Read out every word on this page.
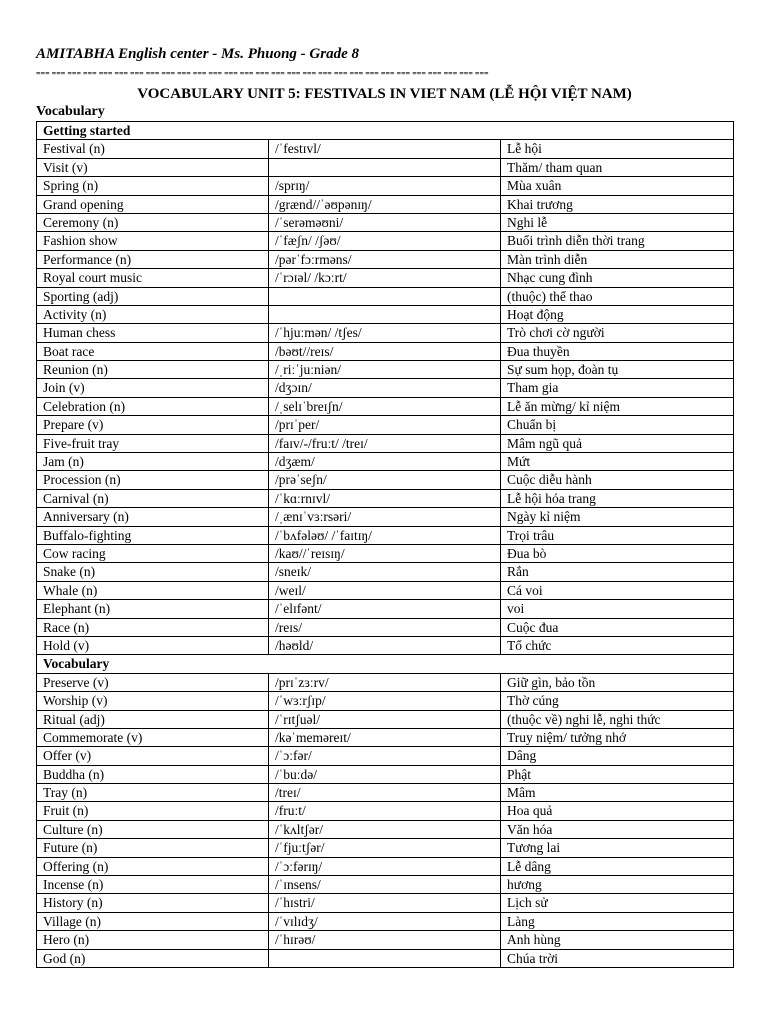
AMITABHA English center - Ms. Phuong - Grade 8
=== === === === === === === === === === === === === === === === === === === === === === === === === === === === ===
VOCABULARY UNIT 5: FESTIVALS IN VIET NAM (LỄ HỘI VIỆT NAM)
Vocabulary
Getting started		
Festival (n)	/ˈfestɪvl/	Lễ hội
Visit (v)		Thăm/ tham quan
Spring (n)	/sprɪŋ/	Mùa xuân
Grand opening	/grænd//ˈəʊpənɪŋ/	Khai trương
Ceremony (n)	/ˈserəməʊni/	Nghi lễ
Fashion show	/ˈfæʃn/ /ʃəʊ/	Buổi trình diễn thời trang
Performance (n)	/pərˈfɔːrməns/	Màn trình diễn
Royal court music	/ˈrɔɪəl/ /kɔːrt/	Nhạc cung đình
Sporting (adj)		(thuộc) thể thao
Activity (n)		Hoạt động
Human chess	/ˈhjuːmən/ /tʃes/	Trò chơi cờ người
Boat race	/bəʊt//reɪs/	Đua thuyền
Reunion (n)	/ˌriːˈjuːniən/	Sự sum họp, đoàn tụ
Join (v)	/dʒɔɪn/	Tham gia
Celebration (n)	/ˌselɪˈbreɪʃn/	Lễ ăn mừng/ kỉ niệm
Prepare (v)	/prɪˈper/	Chuẩn bị
Five-fruit tray	/faɪv/-/fruːt/ /treɪ/	Mâm ngũ quả
Jam (n)	/dʒæm/	Mứt
Procession (n)	/prəˈseʃn/	Cuộc diễu hành
Carnival (n)	/ˈkɑːrnɪvl/	Lễ hội hóa trang
Anniversary (n)	/ˌænɪˈvɜːrsəri/	Ngày kỉ niệm
Buffalo-fighting	/ˈbʌfələʊ/ /ˈfaɪtɪŋ/	Trọi trâu
Cow racing	/kaʊ//ˈreɪsɪŋ/	Đua bò
Snake (n)	/sneɪk/	Rắn
Whale (n)	/weɪl/	Cá voi
Elephant (n)	/ˈelɪfənt/	voi
Race (n)	/reɪs/	Cuộc đua
Hold (v)	/həʊld/	Tổ chức
Vocabulary		
Preserve (v)	/prɪˈzɜːrv/	Giữ gìn, bảo tồn
Worship (v)	/ˈwɜːrʃɪp/	Thờ cúng
Ritual (adj)	/ˈrɪtʃuəl/	(thuộc về) nghi lễ, nghi thức
Commemorate (v)	/kəˈmeməreɪt/	Truy niệm/ tưởng nhớ
Offer (v)	/ˈɔːfər/	Dâng
Buddha (n)	/ˈbuːdə/	Phật
Tray (n)	/treɪ/	Mâm
Fruit (n)	/fruːt/	Hoa quả
Culture (n)	/ˈkʌltʃər/	Văn hóa
Future (n)	/ˈfjuːtʃər/	Tương lai
Offering (n)	/ˈɔːfərɪŋ/	Lễ dâng
Incense (n)	/ˈɪnsens/	hương
History (n)	/ˈhɪstri/	Lịch sử
Village (n)	/ˈvɪlɪdʒ/	Làng
Hero (n)	/ˈhɪrəʊ/	Anh hùng
God (n)		Chúa trời
